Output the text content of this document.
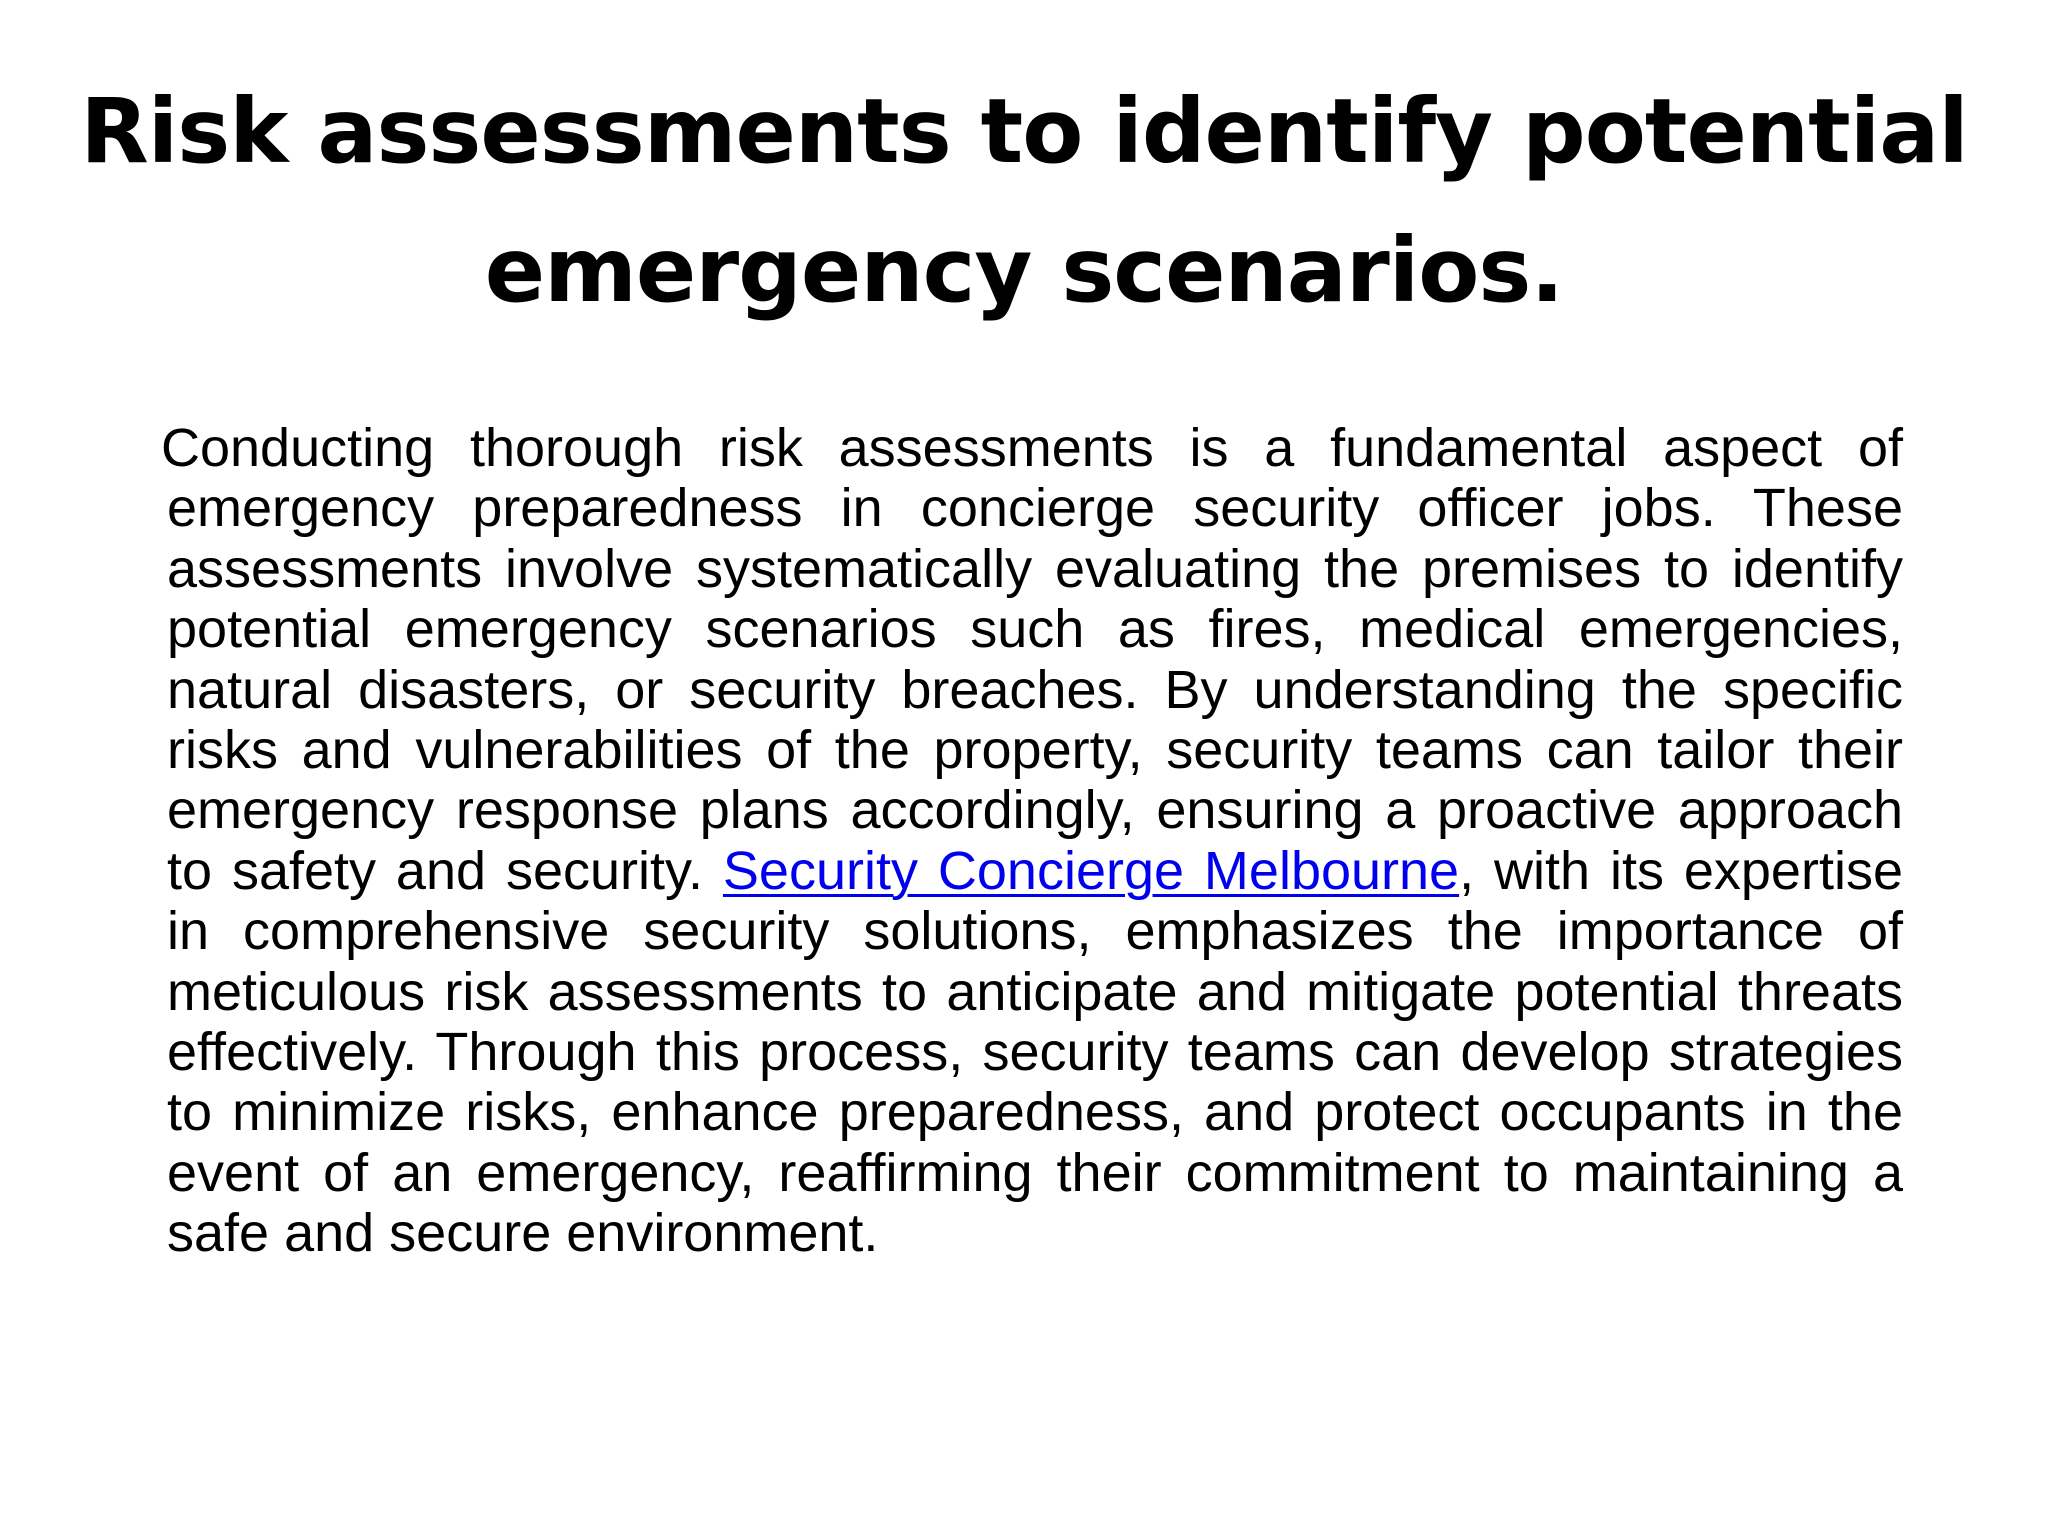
Risk assessments to identify potential emergency scenarios.

Conducting thorough risk assessments is a fundamental aspect of emergency preparedness in concierge security officer jobs. These assessments involve systematically evaluating the premises to identify potential emergency scenarios such as fires, medical emergencies, natural disasters, or security breaches. By understanding the specific risks and vulnerabilities of the property, security teams can tailor their emergency response plans accordingly, ensuring a proactive approach to safety and security. Security Concierge Melbourne, with its expertise in comprehensive security solutions, emphasizes the importance of meticulous risk assessments to anticipate and mitigate potential threats effectively. Through this process, security teams can develop strategies to minimize risks, enhance preparedness, and protect occupants in the event of an emergency, reaffirming their commitment to maintaining a safe and secure environment.
